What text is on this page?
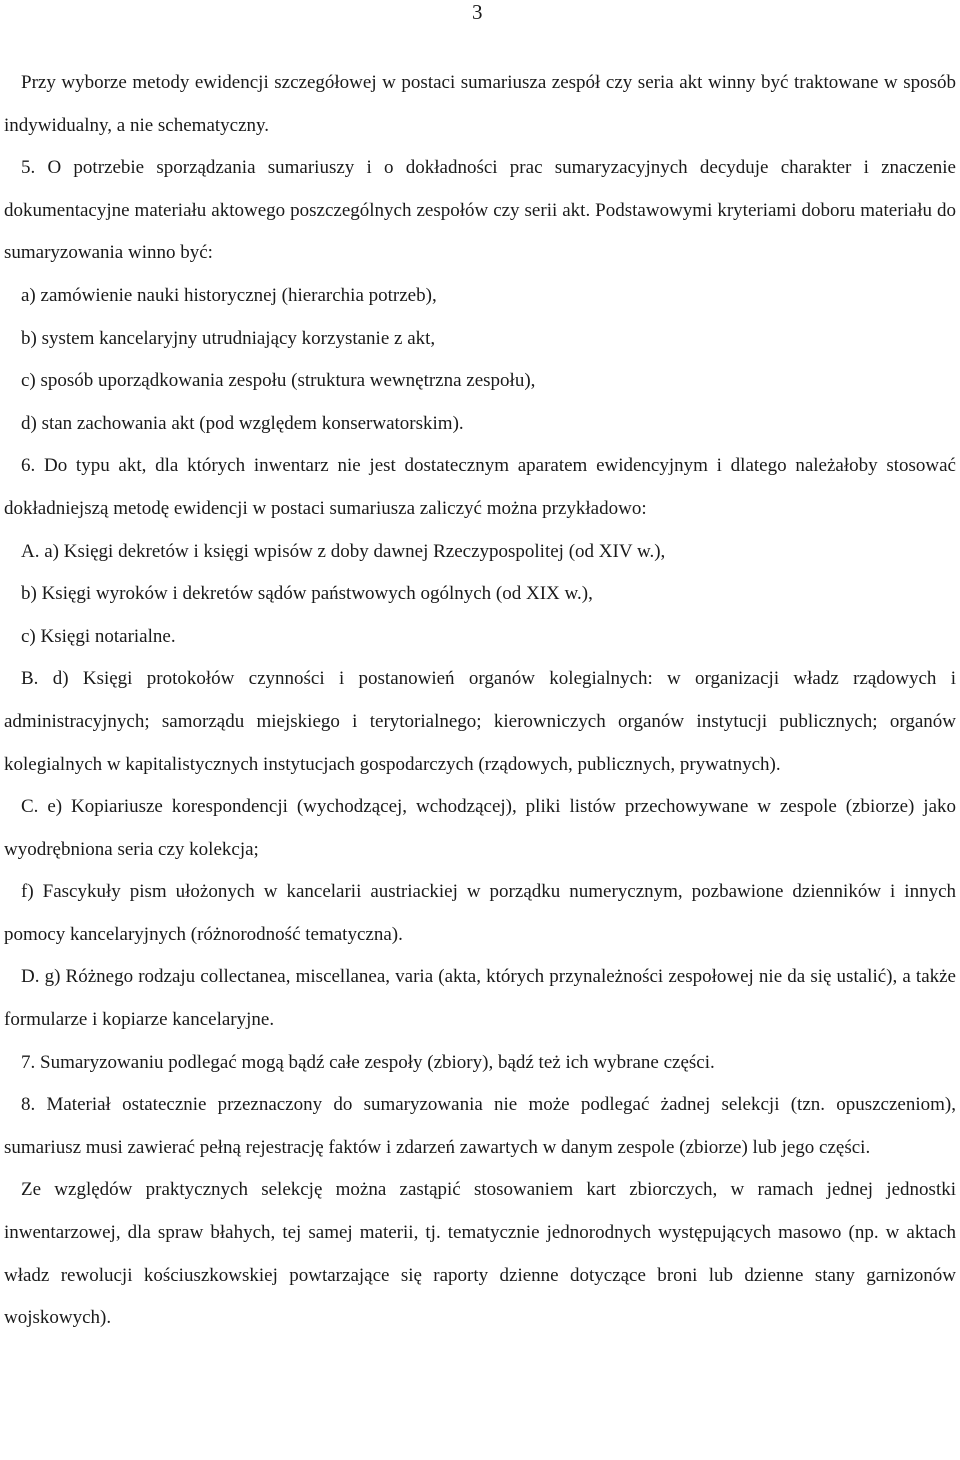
3

Przy wyborze metody ewidencji szczegółowej w postaci sumariusza zespół czy seria akt winny być traktowane w sposób indywidualny, a nie schematyczny.

5. O potrzebie sporządzania sumariuszy i o dokładności prac sumaryzacyjnych decyduje charakter i znaczenie dokumentacyjne materiału aktowego poszczególnych zespołów czy serii akt. Podstawowymi kryteriami doboru materiału do sumaryzowania winno być:

a) zamówienie nauki historycznej (hierarchia potrzeb),

b) system kancelaryjny utrudniający korzystanie z akt,

c) sposób uporządkowania zespołu (struktura wewnętrzna zespołu),

d) stan zachowania akt (pod względem konserwatorskim).

6. Do typu akt, dla których inwentarz nie jest dostatecznym aparatem ewidencyjnym i dlatego należałoby stosować dokładniejszą metodę ewidencji w postaci sumariusza zaliczyć można przykładowo:

A. a) Księgi dekretów i księgi wpisów z doby dawnej Rzeczypospolitej (od XIV w.),

b) Księgi wyroków i dekretów sądów państwowych ogólnych (od XIX w.),

c) Księgi notarialne.

B. d) Księgi protokołów czynności i postanowień organów kolegialnych: w organizacji władz rządowych i administracyjnych; samorządu miejskiego i terytorialnego; kierowniczych organów instytucji publicznych; organów kolegialnych w kapitalistycznych instytucjach gospodarczych (rządowych, publicznych, prywatnych).

C. e) Kopiariusze korespondencji (wychodzącej, wchodzącej), pliki listów przechowywane w zespole (zbiorze) jako wyodrębniona seria czy kolekcja;

f) Fascykuły pism ułożonych w kancelarii austriackiej w porządku numerycznym, pozbawione dzienników i innych pomocy kancelaryjnych (różnorodność tematyczna).

D. g) Różnego rodzaju collectanea, miscellanea, varia (akta, których przynależności zespołowej nie da się ustalić), a także formularze i kopiarze kancelaryjne.

7. Sumaryzowaniu podlegać mogą bądź całe zespoły (zbiory), bądź też ich wybrane części.

8. Materiał ostatecznie przeznaczony do sumaryzowania nie może podlegać żadnej selekcji (tzn. opuszczeniom), sumariusz musi zawierać pełną rejestrację faktów i zdarzeń zawartych w danym zespole (zbiorze) lub jego części.

Ze względów praktycznych selekcję można zastąpić stosowaniem kart zbiorczych, w ramach jednej jednostki inwentarzowej, dla spraw błahych, tej samej materii, tj. tematycznie jednorodnych występujących masowo (np. w aktach władz rewolucji kościuszkowskiej powtarzające się raporty dzienne dotyczące broni lub dzienne stany garnizonów wojskowych).
